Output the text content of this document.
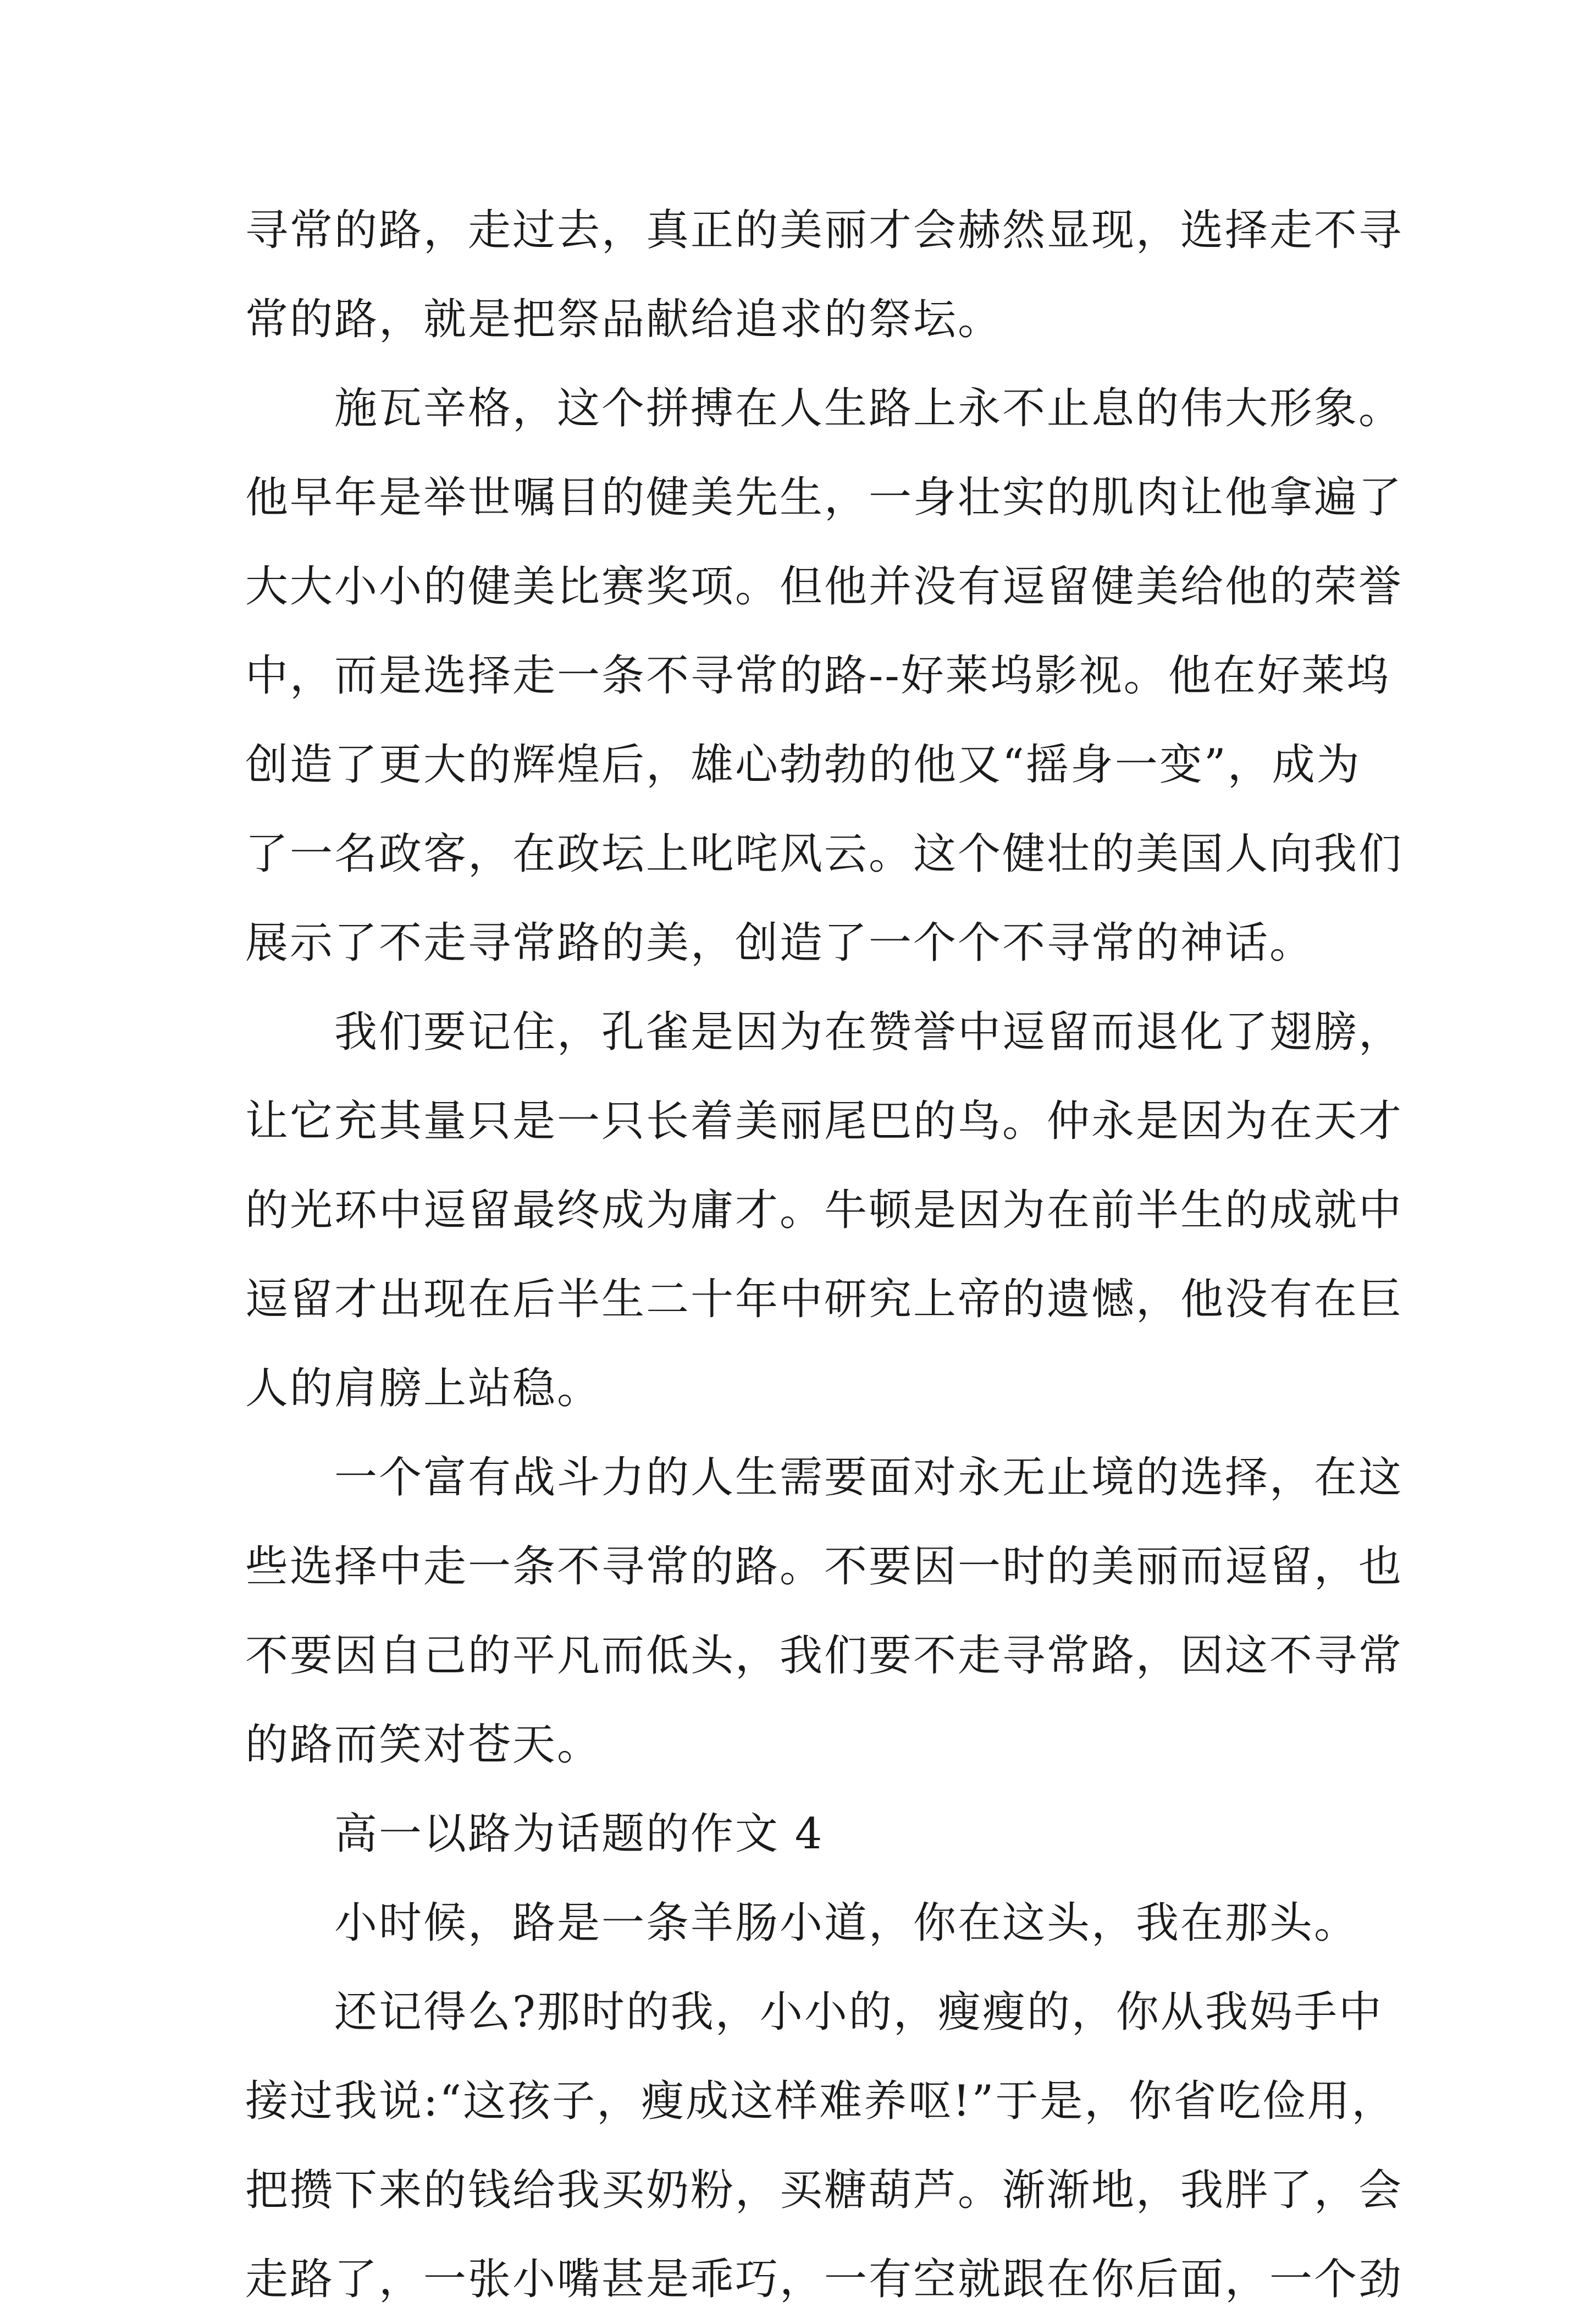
寻常的路，走过去，真正的美丽才会赫然显现，选择走不寻
常的路，就是把祭品献给追求的祭坛。
施瓦辛格，这个拼搏在人生路上永不止息的伟大形象。
他早年是举世嘱目的健美先生，一身壮实的肌肉让他拿遍了
大大小小的健美比赛奖项。但他并没有逗留健美给他的荣誉
中，而是选择走一条不寻常的路--好莱坞影视。他在好莱坞
创造了更大的辉煌后，雄心勃勃的他又“摇身一变”，成为
了一名政客，在政坛上叱咤风云。这个健壮的美国人向我们
展示了不走寻常路的美，创造了一个个不寻常的神话。
我们要记住，孔雀是因为在赞誉中逗留而退化了翅膀，
让它充其量只是一只长着美丽尾巴的鸟。仲永是因为在天才
的光环中逗留最终成为庸才。牛顿是因为在前半生的成就中
逗留才出现在后半生二十年中研究上帝的遗憾，他没有在巨
人的肩膀上站稳。
一个富有战斗力的人生需要面对永无止境的选择，在这
些选择中走一条不寻常的路。不要因一时的美丽而逗留，也
不要因自己的平凡而低头，我们要不走寻常路，因这不寻常
的路而笑对苍天。
高一以路为话题的作文 4
小时候，路是一条羊肠小道，你在这头，我在那头。
还记得么?那时的我，小小的，瘦瘦的，你从我妈手中
接过我说:“这孩子，瘦成这样难养呕!”于是，你省吃俭用，
把攒下来的钱给我买奶粉，买糖葫芦。渐渐地，我胖了，会
走路了，一张小嘴甚是乖巧，一有空就跟在你后面，一个劲
